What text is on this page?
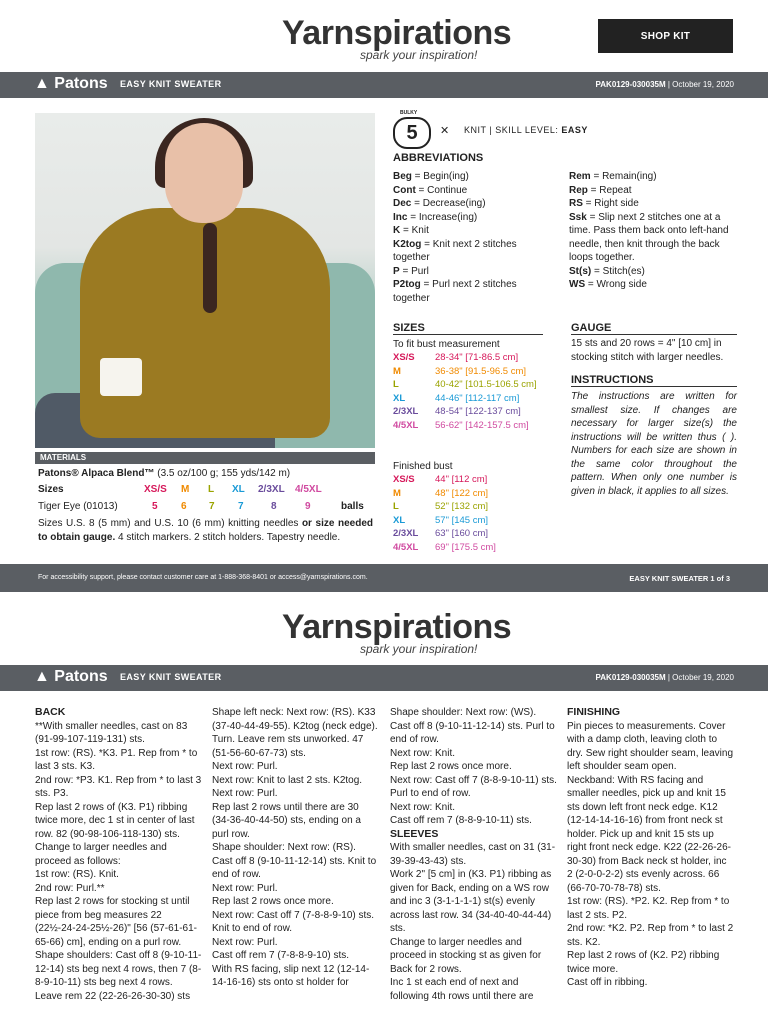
Yarnspirations
spark your inspiration!
SHOP KIT
▲ Patons EASY KNIT SWEATER	PAK0129-030035M | October 19, 2020
MATERIALS
Patons® Alpaca Blend™ (3.5 oz/100 g; 155 yds/142 m)
Sizes	XS/S M L XL 2/3XL 4/5XL
Tiger Eye (01013)	5 6 7 7	8	9	balls
Sizes U.S. 8 (5 mm) and U.S. 10 (6 mm) knitting needles or size needed to obtain gauge. 4 stitch markers. 2 stitch holders. Tapestry needle.
BULKY
5	✕ KNIT | SKILL LEVEL: EASY
ABBREVIATIONS

Beg = Begin(ing)

Cont = Continue

Dec = Decrease(ing)

Inc = Increase(ing)

K = Knit

K2tog = Knit next 2 stitches together

P = Purl

P2tog = Purl next 2 stitches together

Rem = Remain(ing)

Rep = Repeat

RS = Right side

Ssk = Slip next 2 stitches one at a time. Pass them back onto left-hand needle, then knit through the back loops together.

St(s) = Stitch(es)

WS = Wrong side

SIZES
To fit bust measurement

XS/S 28-34" [71-86.5 cm]

M	36-38" [91.5-96.5 cm]

L	40-42" [101.5-106.5 cm]

XL	44-46" [112-117 cm]

2/3XL 48-54" [122-137 cm]

4/5XL 56-62" [142-157.5 cm]

Finished bust

XS/S 44" [112 cm]

M	48" [122 cm]

L	52" [132 cm]

XL	57" [145 cm]

2/3XL 63" [160 cm]

4/5XL 69" [175.5 cm]

GAUGE
15 sts and 20 rows = 4" [10 cm] in stocking stitch with larger needles.
INSTRUCTIONS
The instructions are written for smallest size. If changes are necessary for larger size(s) the instructions will be written thus ( ). Numbers for each size are shown in the same color throughout the pattern. When only one number is given in black, it applies to all sizes.
For accessibility support, please contact customer care at 1-888-368-8401 or access@yarnspirations.com.	EASY KNIT SWEATER 1 of 3
Yarnspirations
spark your inspiration!
▲ Patons EASY KNIT SWEATER	PAK0129-030035M | October 19, 2020

BACK

**With smaller needles, cast on 83 (91-99-107-119-131) sts.

1st row: (RS). *K3. P1. Rep from * to last 3 sts. K3.

2nd row: *P3. K1. Rep from * to last 3 sts. P3.

Rep last 2 rows of (K3. P1) ribbing twice more, dec 1 st in center of last row. 82 (90-98-106-118-130) sts.

Change to larger needles and proceed as follows:

1st row: (RS). Knit.

2nd row: Purl.**

Rep last 2 rows for stocking st until piece from beg measures 22 (22½-24-24-25½-26)" [56 (57-61-61-65-66) cm], ending on a purl row.

Shape shoulders: Cast off 8 (9-10-11-12-14) sts beg next 4 rows, then 7 (8-8-9-10-11) sts beg next 4 rows.

Leave rem 22 (22-26-26-30-30) sts

Shape left neck: Next row: (RS). K33 (37-40-44-49-55). K2tog (neck edge). Turn. Leave rem sts unworked. 47 (51-56-60-67-73) sts.

Next row: Purl.

Next row: Knit to last 2 sts. K2tog.

Next row: Purl.

Rep last 2 rows until there are 30 (34-36-40-44-50) sts, ending on a purl row.

Shape shoulder: Next row: (RS). Cast off 8 (9-10-11-12-14) sts. Knit to end of row.

Next row: Purl.

Rep last 2 rows once more.

Next row: Cast off 7 (7-8-8-9-10) sts. Knit to end of row.

Next row: Purl.

Cast off rem 7 (7-8-8-9-10) sts.

With RS facing, slip next 12 (12-14-14-16-16) sts onto st holder for

Shape shoulder: Next row: (WS). Cast off 8 (9-10-11-12-14) sts. Purl to end of row.

Next row: Knit.

Rep last 2 rows once more.

Next row: Cast off 7 (8-8-9-10-11) sts. Purl to end of row.

Next row: Knit.

Cast off rem 7 (8-8-9-10-11) sts.

SLEEVES

With smaller needles, cast on 31 (31-39-39-43-43) sts.

Work 2" [5 cm] in (K3. P1) ribbing as given for Back, ending on a WS row and inc 3 (3-1-1-1-1) st(s) evenly across last row. 34 (34-40-40-44-44) sts.

Change to larger needles and proceed in stocking st as given for Back for 2 rows.

Inc 1 st each end of next and following 4th rows until there are

FINISHING

Pin pieces to measurements. Cover with a damp cloth, leaving cloth to dry. Sew right shoulder seam, leaving left shoulder seam open.

Neckband: With RS facing and smaller needles, pick up and knit 15 sts down left front neck edge. K12 (12-14-14-16-16) from front neck st holder. Pick up and knit 15 sts up right front neck edge. K22 (22-26-26-30-30) from Back neck st holder, inc 2 (2-0-0-2-2) sts evenly across. 66 (66-70-70-78-78) sts.

1st row: (RS). *P2. K2. Rep from * to last 2 sts. P2.

2nd row: *K2. P2. Rep from * to last 2 sts. K2.

Rep last 2 rows of (K2. P2) ribbing twice more.

Cast off in ribbing.
